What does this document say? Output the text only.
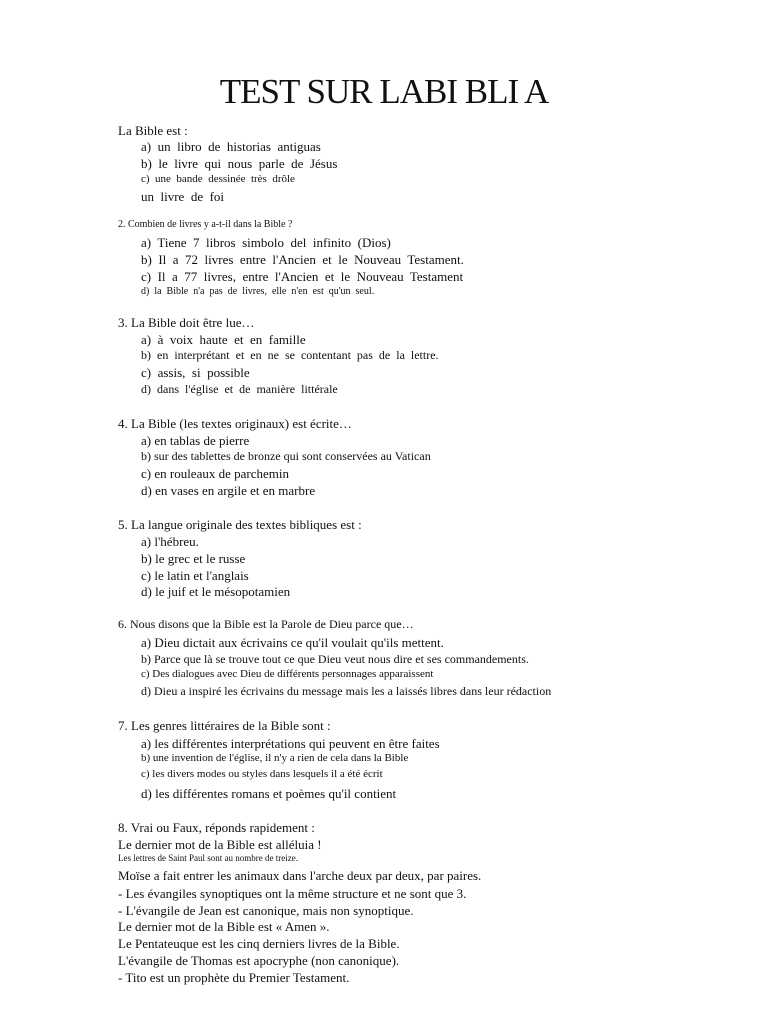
TEST SUR LABI BLI A
La Bible est :
a)  un  libro  de  historias  antiguas
b)  le  livre  qui  nous  parle  de  Jésus
c)  une  bande  dessinée  très  drôle
un  livre  de  foi
2. Combien de livres y a-t-il dans la Bible ?
a)  Tiene  7  libros  simbolo  del  infinito  (Dios)
b)  Il  a  72  livres  entre  l'Ancien  et  le  Nouveau  Testament.
c)  Il  a  77  livres,  entre  l'Ancien  et  le  Nouveau  Testament
d)  la  Bible  n'a  pas  de  livres,  elle  n'en  est  qu'un  seul.
3. La Bible doit être lue…
a)  à  voix  haute  et  en  famille
b)  en  interprétant  et  en  ne  se  contentant  pas  de  la  lettre.
c)  assis,  si  possible
d)  dans  l'église  et  de  manière  littérale
4. La Bible (les textes originaux) est écrite…
a) en tablas de pierre
b) sur des tablettes de bronze qui sont conservées au Vatican
c) en rouleaux de parchemin
d) en vases en argile et en marbre
5. La langue originale des textes bibliques est :
a) l'hébreu.
b) le grec et le russe
c) le latin et l'anglais
d) le juif et le mésopotamien
6. Nous disons que la Bible est la Parole de Dieu parce que…
a) Dieu dictait aux écrivains ce qu'il voulait qu'ils mettent.
b) Parce que là se trouve tout ce que Dieu veut nous dire et ses commandements.
c) Des dialogues avec Dieu de différents personnages apparaissent
d) Dieu a inspiré les écrivains du message mais les a laissés libres dans leur rédaction
7. Les genres littéraires de la Bible sont :
a) les différentes interprétations qui peuvent en être faites
b) une invention de l'église, il n'y a rien de cela dans la Bible
c) les divers modes ou styles dans lesquels il a été écrit
d) les différentes romans et poèmes qu'il contient
8. Vrai ou Faux, réponds rapidement :
Le dernier mot de la Bible est alléluia !
Les lettres de Saint Paul sont au nombre de treize.
Moïse a fait entrer les animaux dans l'arche deux par deux, par paires.
- Les évangiles synoptiques ont la même structure et ne sont que 3.
- L'évangile de Jean est canonique, mais non synoptique.
Le dernier mot de la Bible est « Amen ».
Le Pentateuque est les cinq derniers livres de la Bible.
L'évangile de Thomas est apocryphe (non canonique).
- Tito est un prophète du Premier Testament.
